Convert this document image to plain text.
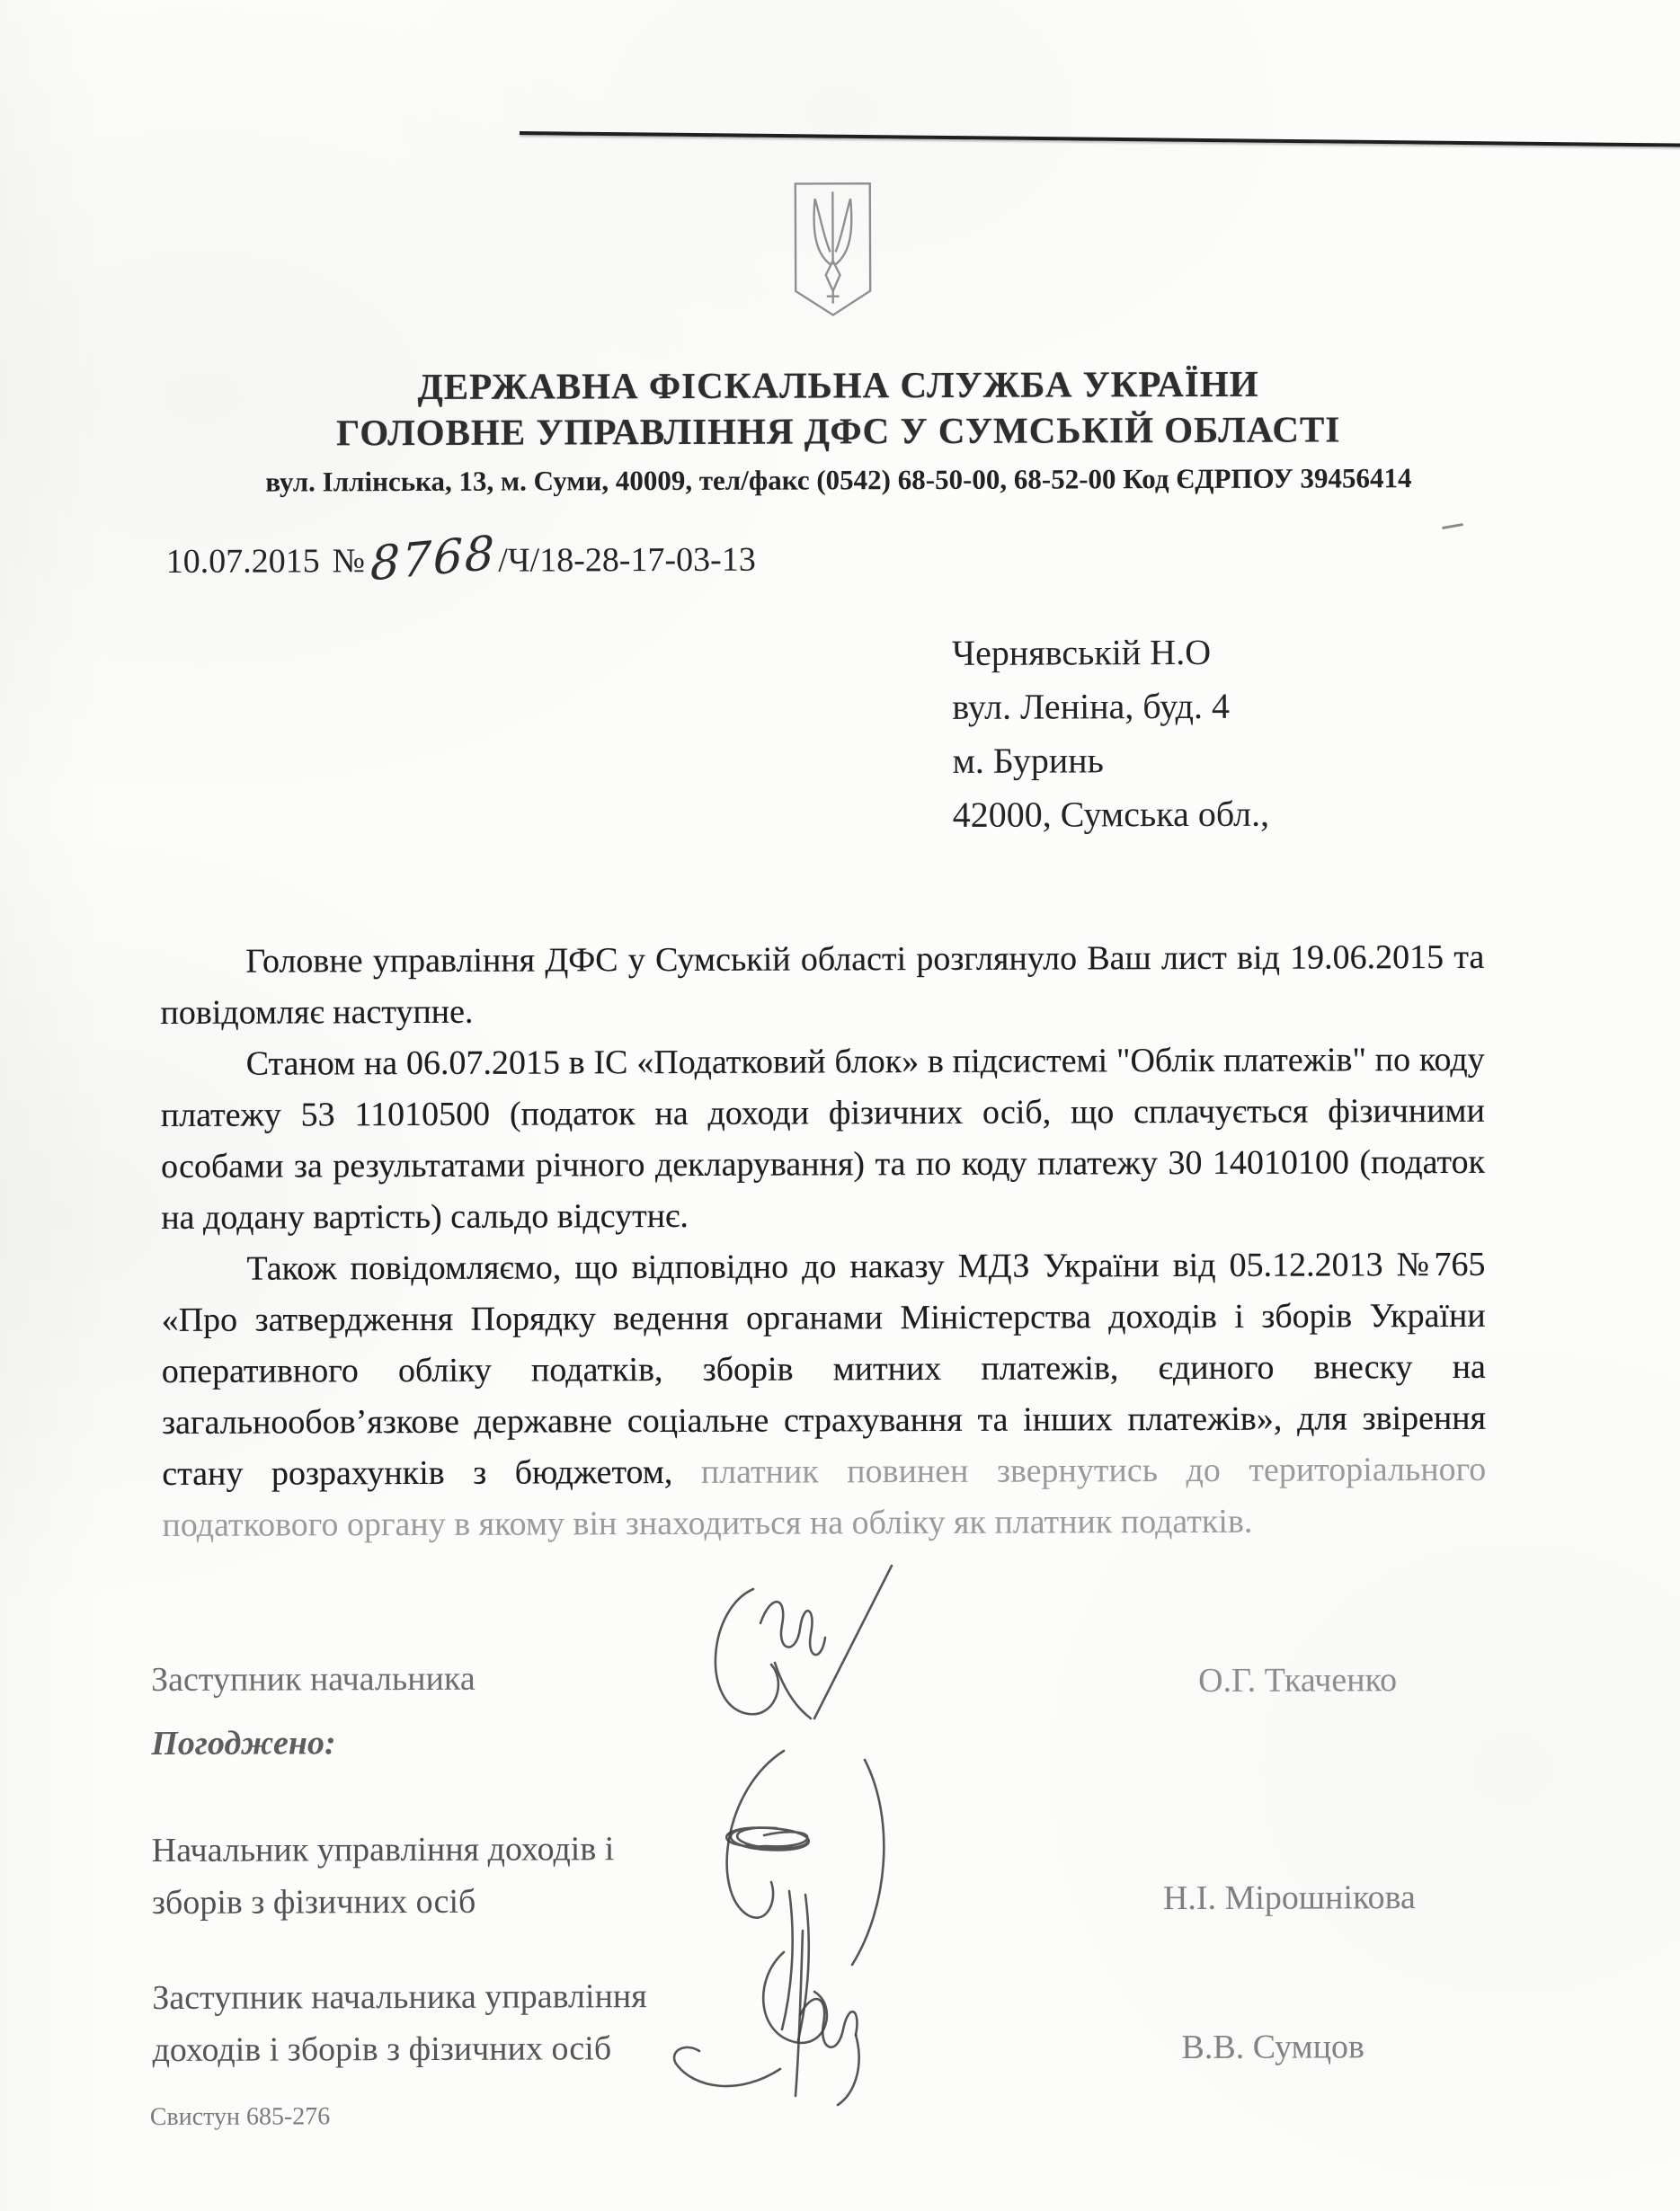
ДЕРЖАВНА ФІСКАЛЬНА СЛУЖБА УКРАЇНИ
ГОЛОВНЕ УПРАВЛІННЯ ДФС У СУМСЬКІЙ ОБЛАСТІ
вул. Іллінська, 13, м. Суми, 40009, тел/факс (0542) 68-50-00, 68-52-00 Код ЄДРПОУ 39456414
10.07.2015 № 8768/Ч/18-28-17-03-13
Чернявській Н.О
вул. Леніна, буд. 4
м. Буринь
42000, Сумська обл.,

Головне управління ДФС у Сумській області розглянуло Ваш лист від 19.06.2015 та повідомляє наступне.

Станом на 06.07.2015 в ІС «Податковий блок» в підсистемі "Облік платежів" по коду платежу 53 11010500 (податок на доходи фізичних осіб, що сплачується фізичними особами за результатами річного декларування) та по коду платежу 30 14010100 (податок на додану вартість) сальдо відсутнє.

Також повідомляємо, що відповідно до наказу МДЗ України від 05.12.2013 №765 «Про затвердження Порядку ведення органами Міністерства доходів і зборів України оперативного обліку податків, зборів митних платежів, єдиного внеску на загальнообов’язкове державне соціальне страхування та інших платежів», для звірення стану розрахунків з бюджетом, платник повинен звернутись до територіального податкового органу в якому він знаходиться на обліку як платник податків.

Заступник начальника	О.Г. Ткаченко
Погоджено:
Начальник управління доходів і
зборів з фізичних осіб	Н.І. Мірошнікова
Заступник начальника управління
доходів і зборів з фізичних осіб	В.В. Сумцов
Свистун 685-276
